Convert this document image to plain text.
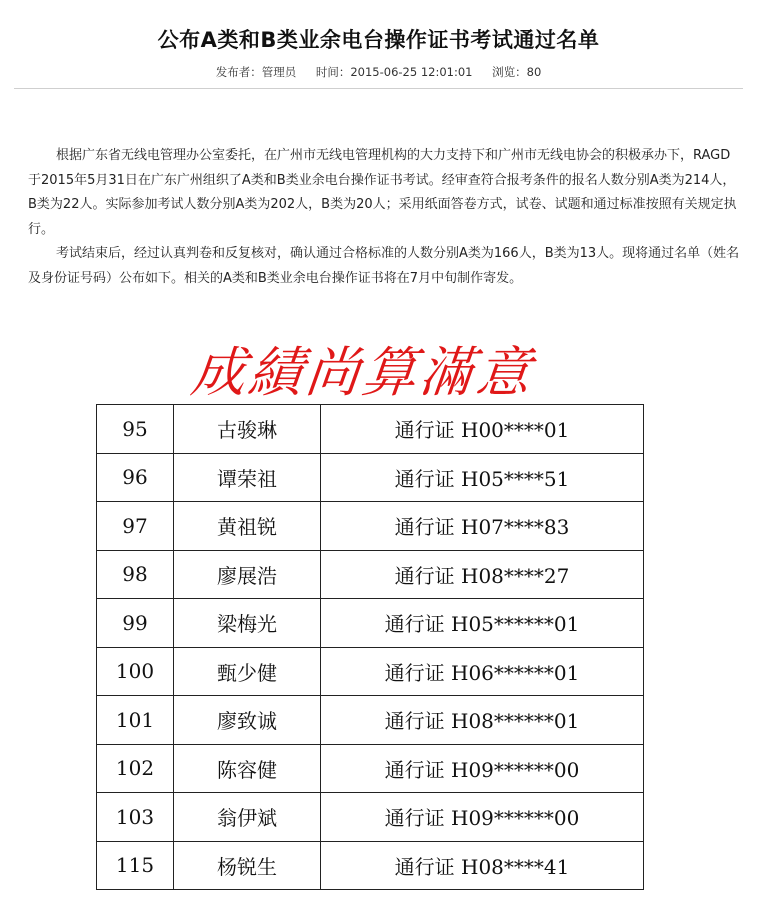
公布A类和B类业余电台操作证书考试通过名单
发布者：管理员 时间：2015-06-25 12:01:01 浏览：80

根据广东省无线电管理办公室委托，在广州市无线电管理机构的大力支持下和广州市无线电协会的积极承办下，RAGD于2015年5月31日在广东广州组织了A类和B类业余电台操作证书考试。经审查符合报考条件的报名人数分别A类为214人，B类为22人。实际参加考试人数分别A类为202人，B类为20人；采用纸面答卷方式，试卷、试题和通过标准按照有关规定执行。

考试结束后，经过认真判卷和反复核对，确认通过合格标准的人数分别A类为166人，B类为13人。现将通过名单（姓名及身份证号码）公布如下。相关的A类和B类业余电台操作证书将在7月中旬制作寄发。

成績尚算滿意
95	古骏琳	通行证 H00****01
96	谭荣祖	通行证 H05****51
97	黄祖锐	通行证 H07****83
98	廖展浩	通行证 H08****27
99	梁梅光	通行证 H05******01
100	甄少健	通行证 H06******01
101	廖致诚	通行证 H08******01
102	陈容健	通行证 H09******00
103	翁伊斌	通行证 H09******00
115	杨锐生	通行证 H08****41
